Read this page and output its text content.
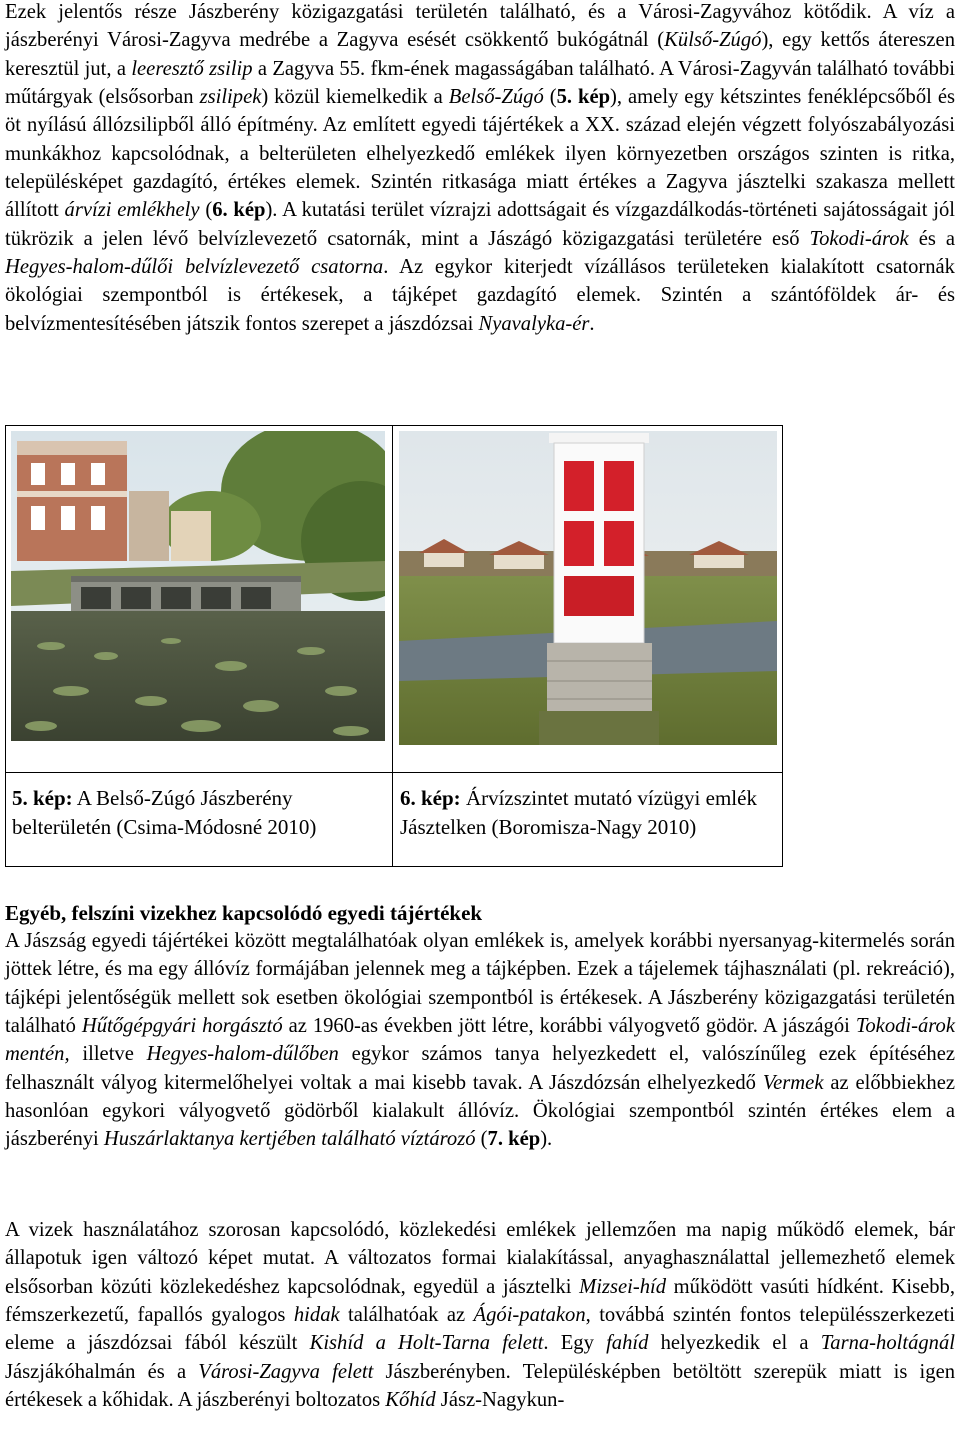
Ezek jelentős része Jászberény közigazgatási területén található, és a Városi-Zagyvához kötődik. A víz a jászberényi Városi-Zagyva medrébe a Zagyva esését csökkentő bukógátnál (Külső-Zúgó), egy kettős átereszen keresztül jut, a leeresztő zsilip a Zagyva 55. fkm-ének magasságában található. A Városi-Zagyván található további műtárgyak (elsősorban zsilipek) közül kiemelkedik a Belső-Zúgó (5. kép), amely egy kétszintes fenéklépcsőből és öt nyílású állózsilipből álló építmény. Az említett egyedi tájértékek a XX. század elején végzett folyószabályozási munkákhoz kapcsolódnak, a belterületen elhelyezkedő emlékek ilyen környezetben országos szinten is ritka, településképet gazdagító, értékes elemek. Szintén ritkasága miatt értékes a Zagyva jásztelki szakasza mellett állított árvízi emlékhely (6. kép). A kutatási terület vízrajzi adottságait és vízgazdálkodás-történeti sajátosságait jól tükrözik a jelen lévő belvízlevezető csatornák, mint a Jászágó közigazgatási területére eső Tokodi-árok és a Hegyes-halom-dűlői belvízlevezető csatorna. Az egykor kiterjedt vízállásos területeken kialakított csatornák ökológiai szempontból is értékesek, a tájképet gazdagító elemek. Szintén a szántóföldek ár- és belvízmentesítésében játszik fontos szerepet a jászdózsai Nyavalyka-ér.

5. kép: A Belső-Zúgó Jászberény belterületén (Csima-Módosné 2010)
6. kép: Árvízszintet mutató vízügyi emlék Jásztelken (Boromisza-Nagy 2010)
Egyéb, felszíni vizekhez kapcsolódó egyedi tájértékek

A Jászság egyedi tájértékei között megtalálhatóak olyan emlékek is, amelyek korábbi nyersanyag-kitermelés során jöttek létre, és ma egy állóvíz formájában jelennek meg a tájképben. Ezek a tájelemek tájhasználati (pl. rekreáció), tájképi jelentőségük mellett sok esetben ökológiai szempontból is értékesek. A Jászberény közigazgatási területén található Hűtőgépgyári horgásztó az 1960-as években jött létre, korábbi vályogvető gödör. A jászágói Tokodi-árok mentén, illetve Hegyes-halom-dűlőben egykor számos tanya helyezkedett el, valószínűleg ezek építéséhez felhasznált vályog kitermelőhelyei voltak a mai kisebb tavak. A Jászdózsán elhelyezkedő Vermek az előbbiekhez hasonlóan egykori vályogvető gödörből kialakult állóvíz. Ökológiai szempontból szintén értékes elem a jászberényi Huszárlaktanya kertjében található víztározó (7. kép).

A vizek használatához szorosan kapcsolódó, közlekedési emlékek jellemzően ma napig működő elemek, bár állapotuk igen változó képet mutat. A változatos formai kialakítással, anyaghasználattal jellemezhető elemek elsősorban közúti közlekedéshez kapcsolódnak, egyedül a jásztelki Mizsei-híd működött vasúti hídként. Kisebb, fémszerkezetű, fapallós gyalogos hidak találhatóak az Ágói-patakon, továbbá szintén fontos településszerkezeti eleme a jászdózsai fából készült Kishíd a Holt-Tarna felett. Egy fahíd helyezkedik el a Tarna-holtágnál Jászjákóhalmán és a Városi-Zagyva felett Jászberényben. Településképben betöltött szerepük miatt is igen értékesek a kőhidak. A jászberényi boltozatos Kőhíd Jász-Nagykun-
